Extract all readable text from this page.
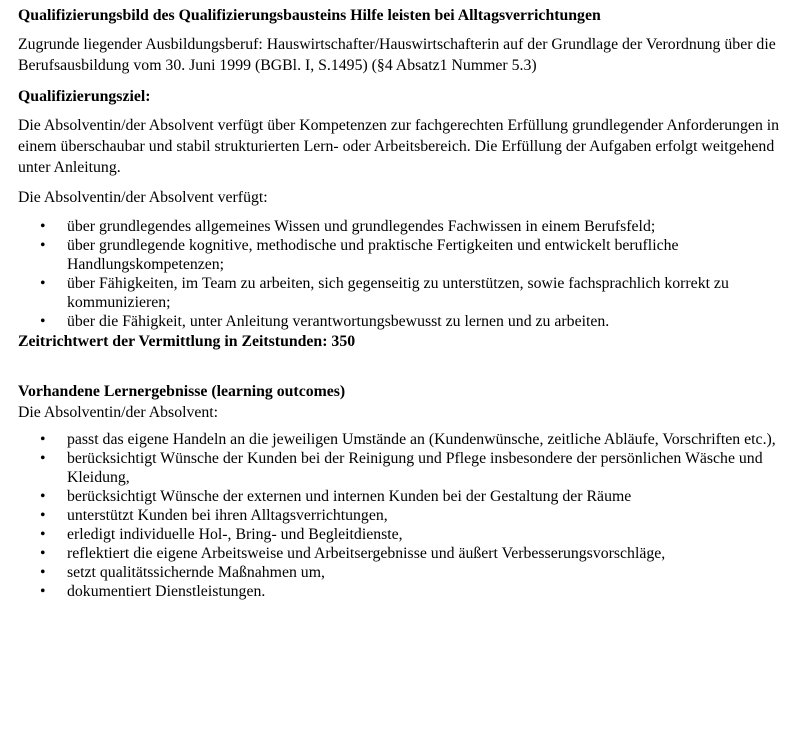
Qualifizierungsbild des Qualifizierungsbausteins Hilfe leisten bei Alltagsverrichtungen

Zugrunde liegender Ausbildungsberuf: Hauswirtschafter/Hauswirtschafterin auf der Grundlage der Verordnung über die Berufsausbildung vom 30. Juni 1999 (BGBl. I, S.1495) (§4 Absatz1 Nummer 5.3)

Qualifizierungsziel:

Die Absolventin/der Absolvent verfügt über Kompetenzen zur fachgerechten Erfüllung grundlegender Anforderungen in einem überschaubar und stabil strukturierten Lern- oder Arbeitsbereich. Die Erfüllung der Aufgaben erfolgt weitgehend unter Anleitung.

Die Absolventin/der Absolvent verfügt:

• über grundlegendes allgemeines Wissen und grundlegendes Fachwissen in einem Berufsfeld;
• über grundlegende kognitive, methodische und praktische Fertigkeiten und entwickelt berufliche Handlungskompetenzen;
• über Fähigkeiten, im Team zu arbeiten, sich gegenseitig zu unterstützen, sowie fachsprachlich korrekt zu kommunizieren;
• über die Fähigkeit, unter Anleitung verantwortungsbewusst zu lernen und zu arbeiten.
Zeitrichtwert der Vermittlung in Zeitstunden: 350
Vorhandene Lernergebnisse (learning outcomes)

Die Absolventin/der Absolvent:

• passt das eigene Handeln an die jeweiligen Umstände an (Kundenwünsche, zeitliche Abläufe, Vorschriften etc.),
• berücksichtigt Wünsche der Kunden bei der Reinigung und Pflege insbesondere der persönlichen Wäsche und Kleidung,
• berücksichtigt Wünsche der externen und internen Kunden bei der Gestaltung der Räume
• unterstützt Kunden bei ihren Alltagsverrichtungen,
• erledigt individuelle Hol-, Bring- und Begleitdienste,
• reflektiert die eigene Arbeitsweise und Arbeitsergebnisse und äußert Verbesserungsvorschläge,
• setzt qualitätssichernde Maßnahmen um,
• dokumentiert Dienstleistungen.
